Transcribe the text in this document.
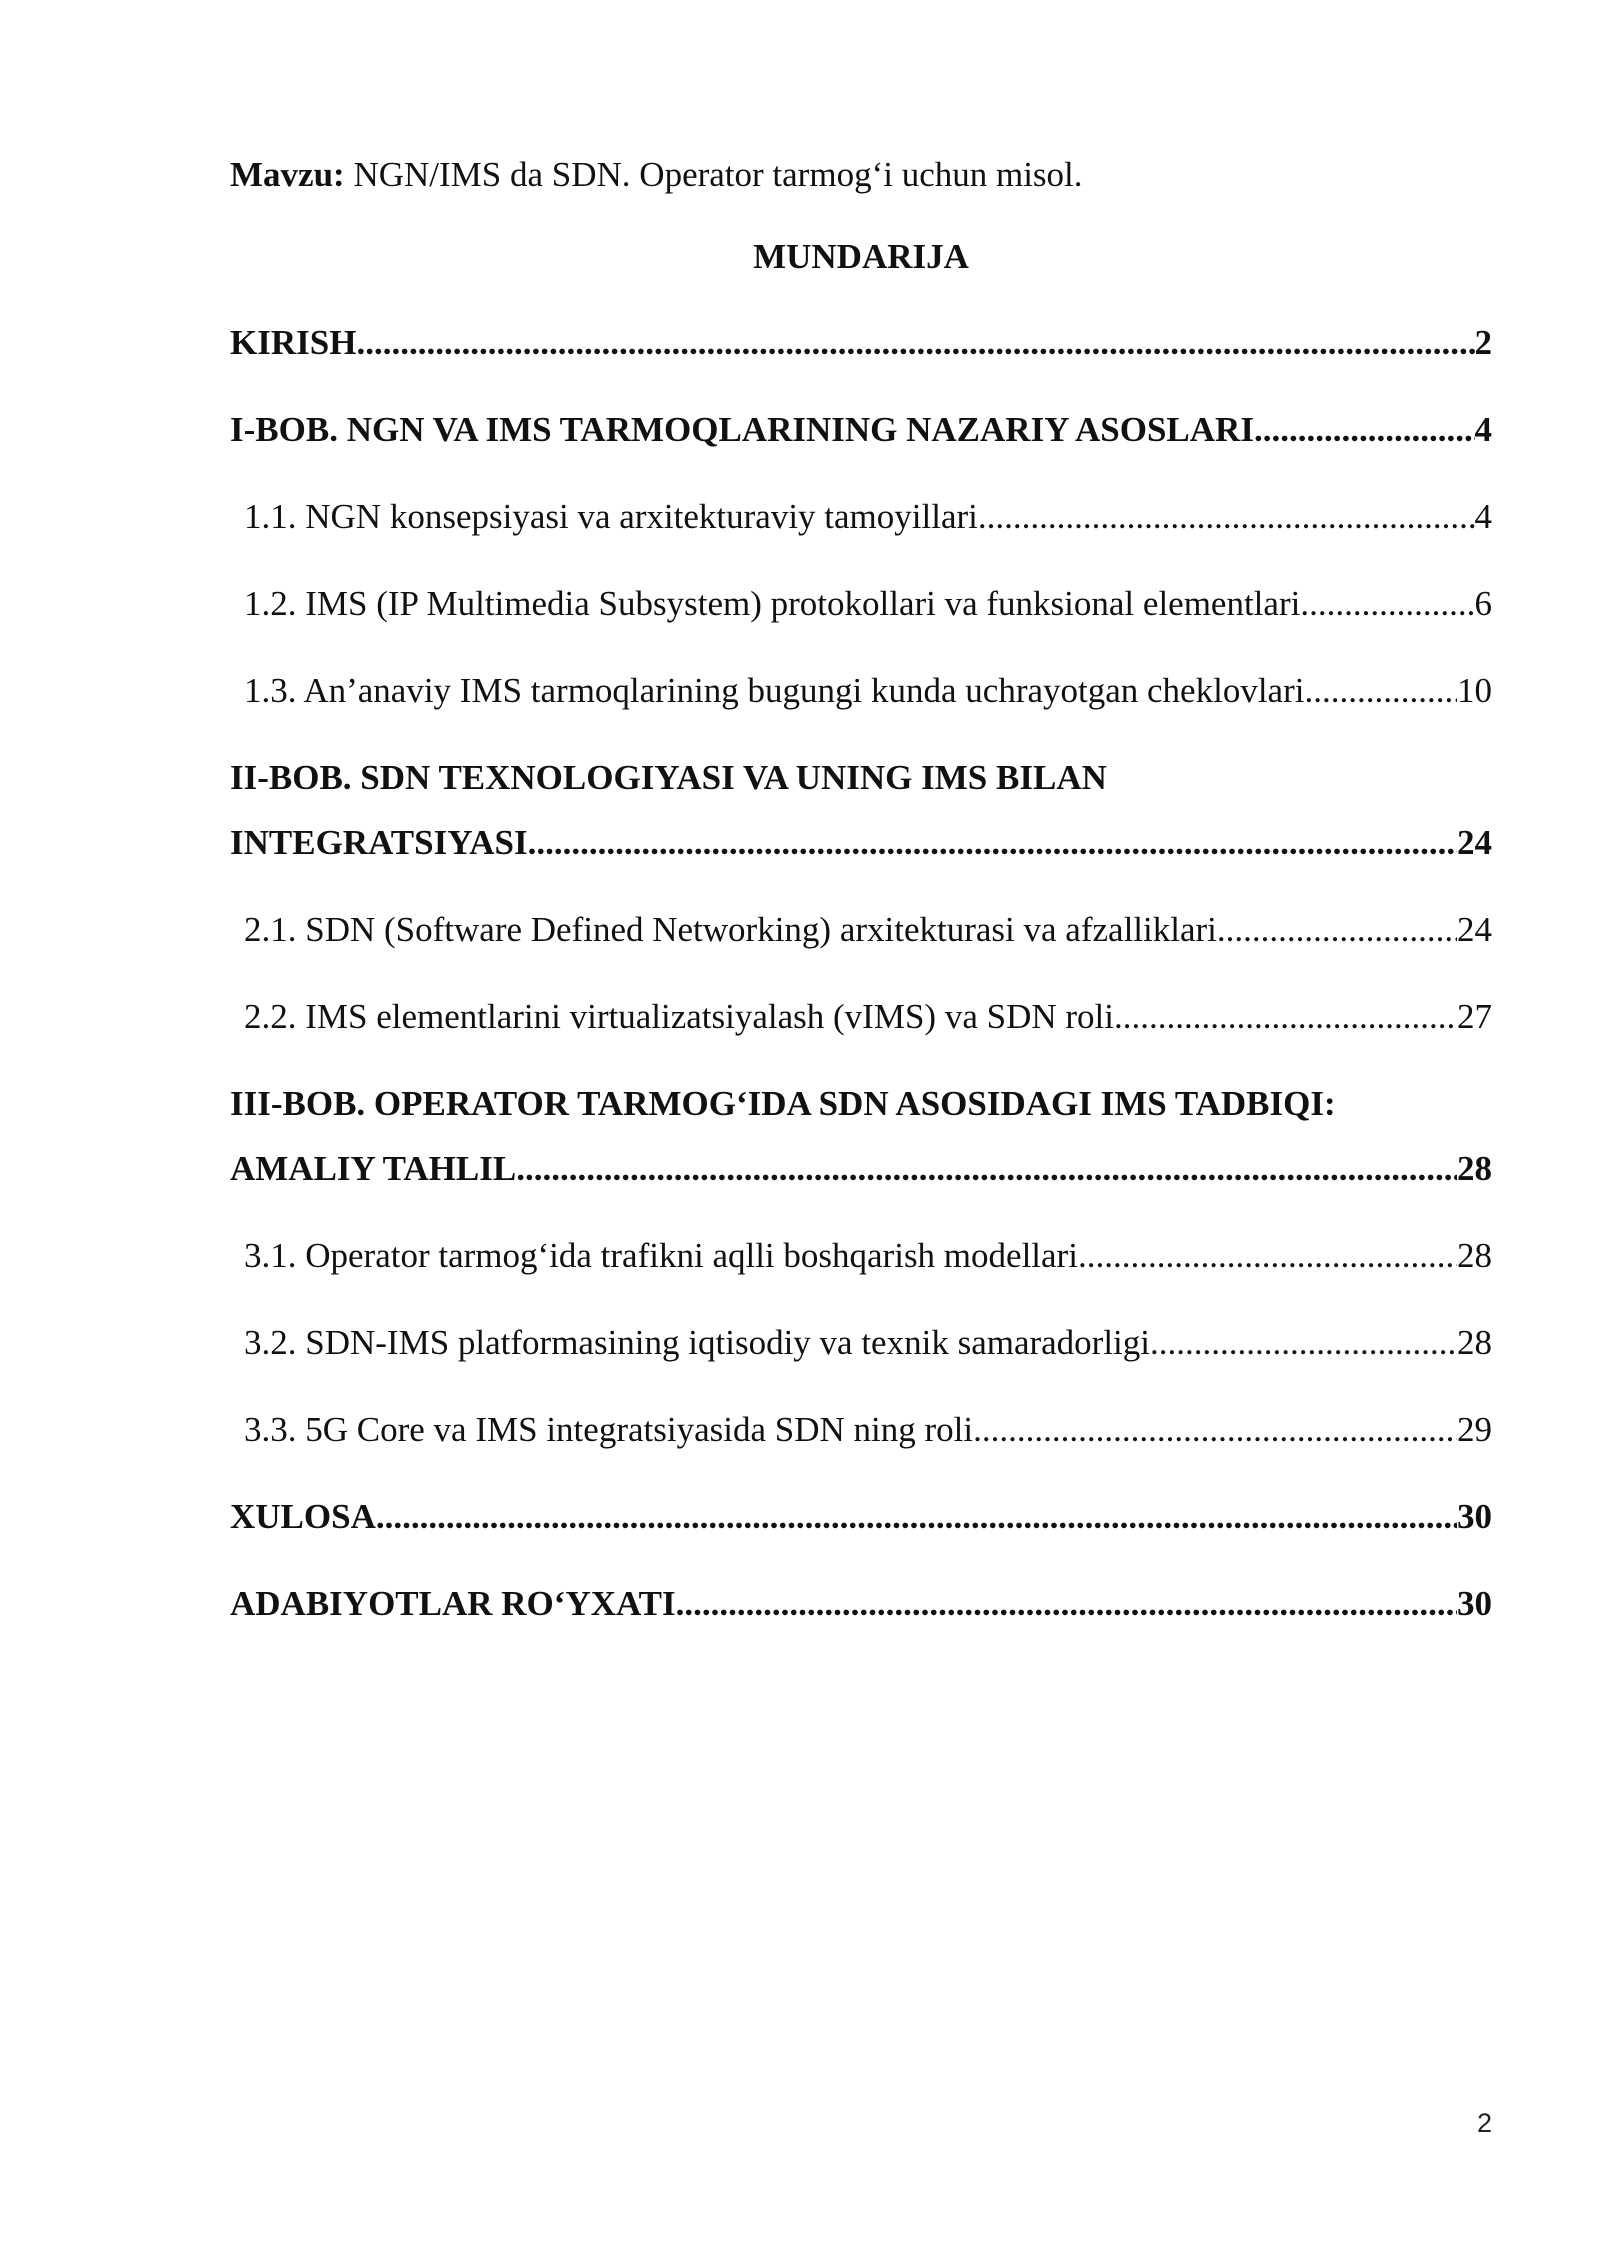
Mavzu: NGN/IMS da SDN. Operator tarmog‘i uchun misol.

MUNDARIJA
KIRISH .....	2
I-BOB. NGN VA IMS TARMOQLARINING NAZARIY ASOSLARI .....	4
1.1. NGN konsepsiyasi va arxitekturaviy tamoyillari .....	4
1.2. IMS (IP Multimedia Subsystem) protokollari va funksional elementlari .....	6
1.3. An’anaviy IMS tarmoqlarining bugungi kunda uchrayotgan cheklovlari .....	10
II-BOB. SDN TEXNOLOGIYASI VA UNING IMS BILAN
INTEGRATSIYASI .....	24
2.1. SDN (Software Defined Networking) arxitekturasi va afzalliklari .....	24
2.2. IMS elementlarini virtualizatsiyalash (vIMS) va SDN roli .....	27
III-BOB. OPERATOR TARMOG‘IDA SDN ASOSIDAGI IMS TADBIQI:
AMALIY TAHLIL .....	28
3.1. Operator tarmog‘ida trafikni aqlli boshqarish modellari .....	28
3.2. SDN-IMS platformasining iqtisodiy va texnik samaradorligi .....	28
3.3. 5G Core va IMS integratsiyasida SDN ning roli .....	29
XULOSA .....	30
ADABIYOTLAR RO‘YXATI .....	30
2
